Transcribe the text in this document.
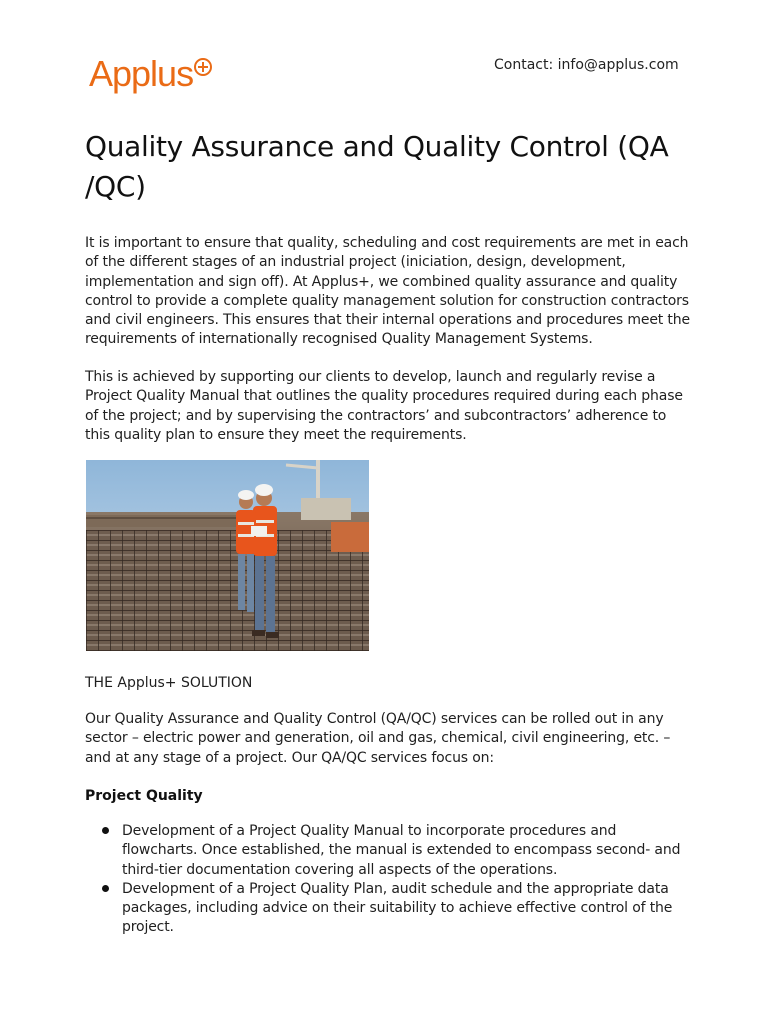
Applus	Contact: info@applus.com
Quality Assurance and Quality Control (QA /QC)

It is important to ensure that quality, scheduling and cost requirements are met in each of the different stages of an industrial project (iniciation, design, development, implementation and sign off). At Applus+, we combined quality assurance and quality control to provide a complete quality management solution for construction contractors and civil engineers. This ensures that their internal operations and procedures meet the requirements of internationally recognised Quality Management Systems.

This is achieved by supporting our clients to develop, launch and regularly revise a Project Quality Manual that outlines the quality procedures required during each phase of the project; and by supervising the contractors’ and subcontractors’ adherence to this quality plan to ensure they meet the requirements.

THE Applus+ SOLUTION

Our Quality Assurance and Quality Control (QA/QC) services can be rolled out in any sector – electric power and generation, oil and gas, chemical, civil engineering, etc. – and at any stage of a project. Our QA/QC services focus on:

Project Quality

Development of a Project Quality Manual to incorporate procedures and flowcharts. Once established, the manual is extended to encompass second- and third-tier documentation covering all aspects of the operations.
Development of a Project Quality Plan, audit schedule and the appropriate data packages, including advice on their suitability to achieve effective control of the project.
